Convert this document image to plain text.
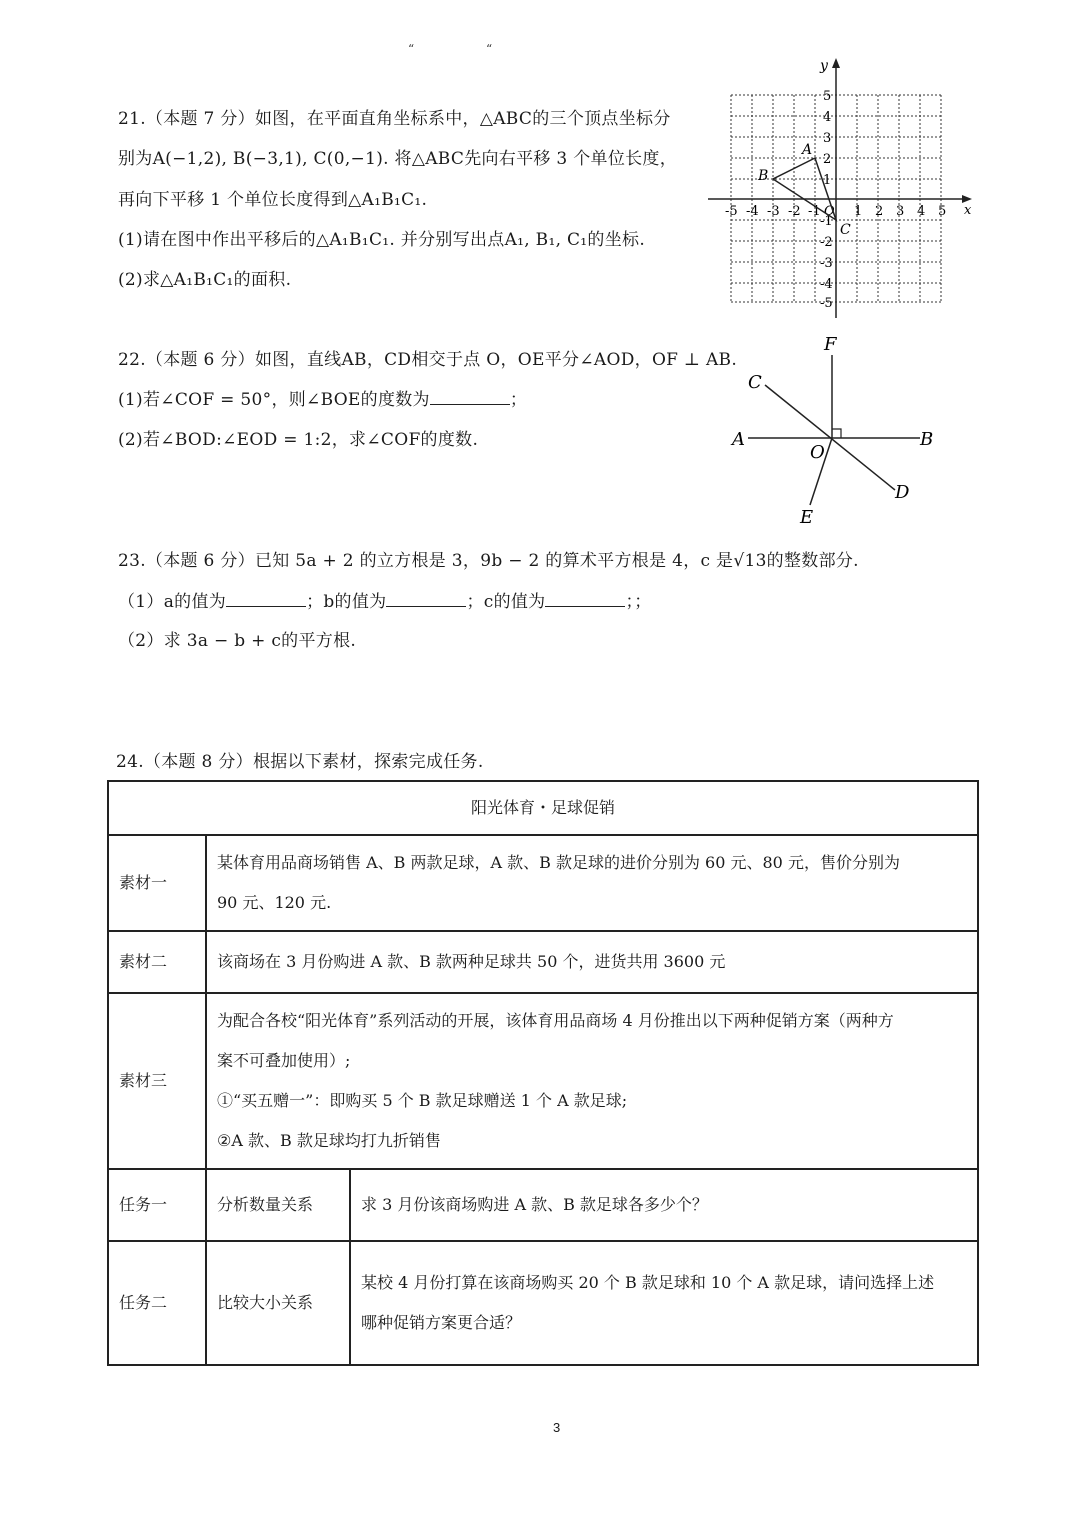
“	“
21.（本题 7 分）如图，在平面直角坐标系中，△ABC的三个顶点坐标分
别为A(−1,2), B(−3,1), C(0,−1). 将△ABC先向右平移 3 个单位长度，
再向下平移 1 个单位长度得到△A₁B₁C₁.
(1)请在图中作出平移后的△A₁B₁C₁. 并分别写出点A₁, B₁, C₁的坐标.
(2)求△A₁B₁C₁的面积.
x
y
-5 -4 -3 -2 -1 O 1 2 3 4 5
5
4
3
2
1
-1
-2
-3
-4
-5
A
B
C
22.（本题 6 分）如图，直线AB，CD相交于点 O，OE平分∠AOD，OF ⊥ AB.
(1)若∠COF = 50°，则∠BOE的度数为	；
(2)若∠BOD:∠EOD = 1:2，求∠COF的度数.
F
C
A	B
O
D
E
23.（本题 6 分）已知 5a + 2 的立方根是 3，9b − 2 的算术平方根是 4，c 是√13的整数部分.
（1）a的值为	；b的值为	；c的值为	；；
（2）求 3a − b + c的平方根.
24.（本题 8 分）根据以下素材，探索完成任务.
阳光体育・足球促销		
素材一	某体育用品商场销售 A、B 两款足球，A 款、B 款足球的进价分别为 60 元、80 元，售价分别为
90 元、120 元.	

素材二	该商场在 3 月份购进 A 款、B 款两种足球共 50 个，进货共用 3600 元	

素材三	为配合各校“阳光体育”系列活动的开展，该体育用品商场 4 月份推出以下两种促销方案（两种方
案不可叠加使用）;
①“买五赠一”：即购买 5 个 B 款足球赠送 1 个 A 款足球;
②A 款、B 款足球均打九折销售	

任务一	分析数量关系	求 3 月份该商场购进 A 款、B 款足球各多少个？

任务二	比较大小关系	某校 4 月份打算在该商场购买 20 个 B 款足球和 10 个 A 款足球，请问选择上述
哪种促销方案更合适？
3
